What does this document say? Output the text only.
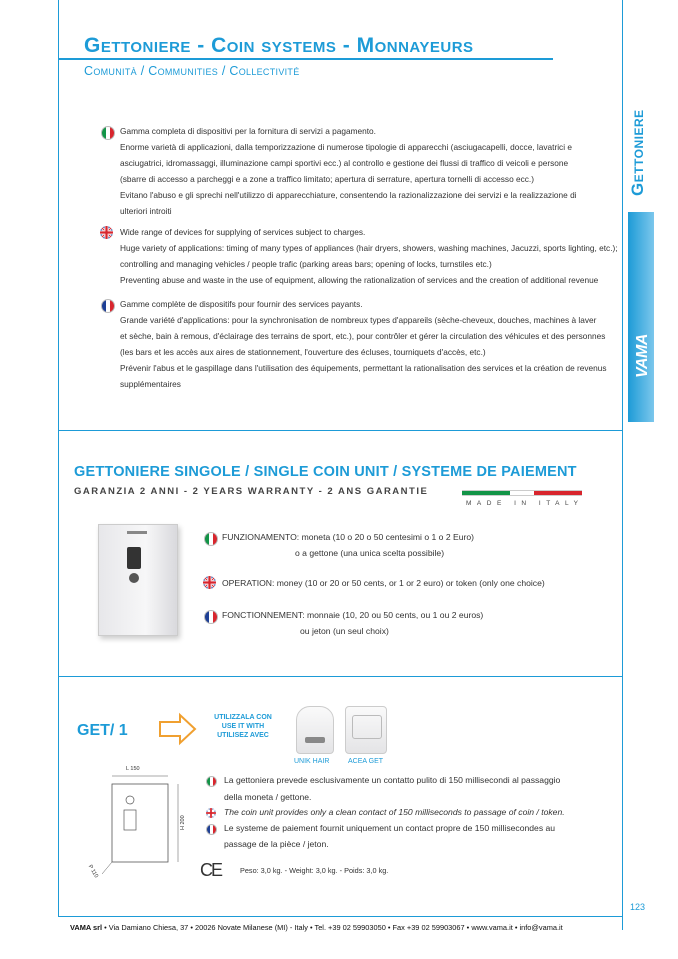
Gettoniere - Coin systems - Monnayeurs
Comunità / Communities / Collectivité
Gettoniere
VAMA
Gamma completa di dispositivi per la fornitura di servizi a pagamento.
Enorme varietà di applicazioni, dalla temporizzazione di numerose tipologie di apparecchi (asciugacapelli, docce, lavatrici e
asciugatrici, idromassaggi, illuminazione campi sportivi ecc.) al controllo e gestione dei flussi di traffico di veicoli e persone
(sbarre di accesso a parcheggi e a zone a traffico limitato; apertura di serrature, apertura tornelli di accesso ecc.)
Evitano l'abuso e gli sprechi nell'utilizzo di apparecchiature, consentendo la razionalizzazione dei servizi e la realizzazione di
ulteriori introiti
Wide range of devices for supplying of services subject to charges.
Huge variety of applications: timing of many types of appliances (hair dryers, showers, washing machines, Jacuzzi, sports lighting, etc.);
controlling and managing vehicles / people trafic (parking areas bars; opening of locks, turnstiles etc.)
Preventing abuse and waste in the use of equipment, allowing the rationalization of services and the creation of additional revenue
Gamme complète de dispositifs pour fournir des services payants.
Grande variété d'applications: pour la synchronisation de nombreux types d'appareils (sèche-cheveux, douches, machines à laver
et sèche, bain à remous, d'éclairage des terrains de sport, etc.), pour contrôler et gérer la circulation des véhicules et des personnes
(les bars et les accès aux aires de stationnement, l'ouverture des écluses, tourniquets d'accès, etc.)
Prévenir l'abus et le gaspillage dans l'utilisation des équipements, permettant la rationalisation des services et la création de revenus
supplémentaires
GETTONIERE SINGOLE / SINGLE COIN UNIT / SYSTEME DE PAIEMENT
GARANZIA 2 ANNI - 2 YEARS WARRANTY - 2 ANS GARANTIE
MADE IN ITALY
FUNZIONAMENTO: moneta (10 o 20 o 50 centesimi o 1 o 2 Euro)
o a gettone (una unica scelta possibile)
OPERATION: money (10 or 20 or 50 cents, or 1 or 2 euro) or token (only one choice)
FONCTIONNEMENT: monnaie (10, 20 ou 50 cents, ou 1 ou 2 euros)
ou jeton (un seul choix)
GET/ 1
UTILIZZALA CON
USE IT WITH
UTILISEZ AVEC
UNIK HAIR	ACEA GET
L 150
H 200
P 110
La gettoniera prevede esclusivamente un contatto pulito di 150 millisecondi al passaggio
della moneta / gettone.
The coin unit provides only a clean contact of 150 milliseconds to passage of coin / token.
Le systeme de paiement fournit uniquement un contact propre de 150 millisecondes au
passage de la pièce / jeton.
CE	Peso: 3,0 kg. - Weight: 3,0 kg. - Poids: 3,0 kg.
123
VAMA srl • Via Damiano Chiesa, 37 • 20026 Novate Milanese (MI) - Italy • Tel. +39 02 59903050 • Fax +39 02 59903067 • www.vama.it • info@vama.it
